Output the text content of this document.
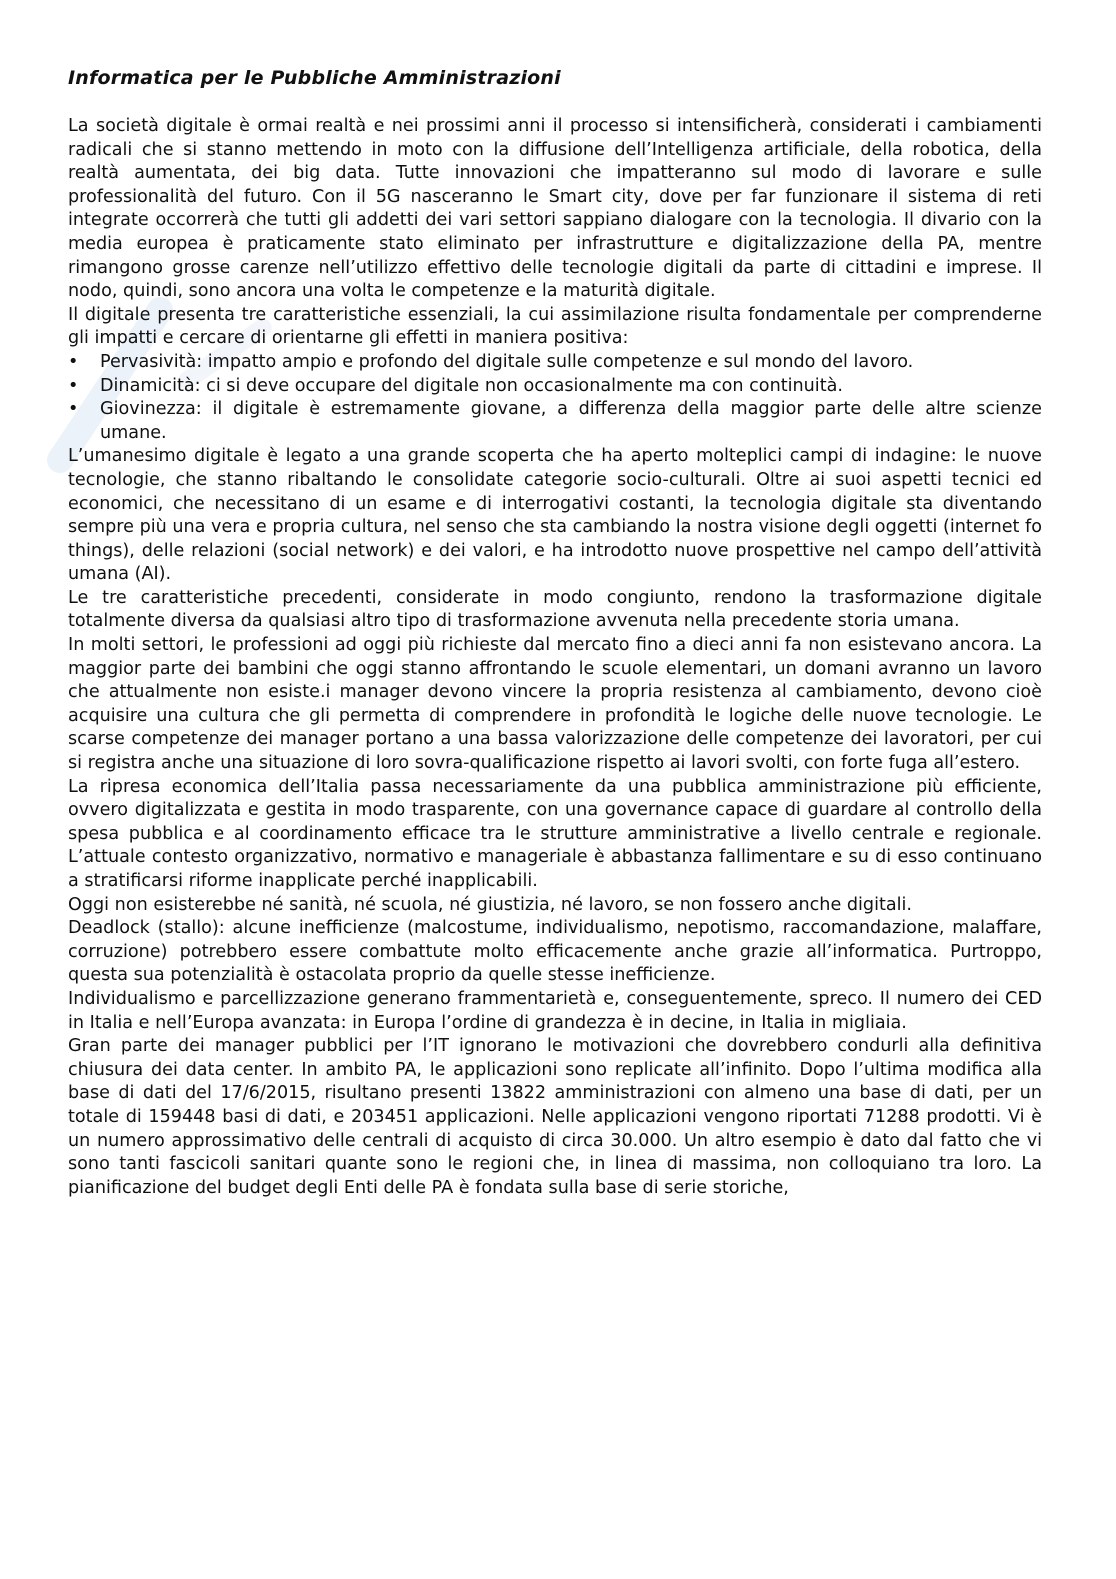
Informatica per le Pubbliche Amministrazioni

La società digitale è ormai realtà e nei prossimi anni il processo si intensificherà, considerati i cambiamenti radicali che si stanno mettendo in moto con la diffusione dell’Intelligenza artificiale, della robotica, della realtà aumentata, dei big data. Tutte innovazioni che impatteranno sul modo di lavorare e sulle professionalità del futuro. Con il 5G nasceranno le Smart city, dove per far funzionare il sistema di reti integrate occorrerà che tutti gli addetti dei vari settori sappiano dialogare con la tecnologia. Il divario con la media europea è praticamente stato eliminato per infrastrutture e digitalizzazione della PA, mentre rimangono grosse carenze nell’utilizzo effettivo delle tecnologie digitali da parte di cittadini e imprese. Il nodo, quindi, sono ancora una volta le competenze e la maturità digitale.

Il digitale presenta tre caratteristiche essenziali, la cui assimilazione risulta fondamentale per comprenderne gli impatti e cercare di orientarne gli effetti in maniera positiva:

• Pervasività: impatto ampio e profondo del digitale sulle competenze e sul mondo del lavoro.
• Dinamicità: ci si deve occupare del digitale non occasionalmente ma con continuità.
• Giovinezza: il digitale è estremamente giovane, a differenza della maggior parte delle altre scienze umane.

L’umanesimo digitale è legato a una grande scoperta che ha aperto molteplici campi di indagine: le nuove tecnologie, che stanno ribaltando le consolidate categorie socio-culturali. Oltre ai suoi aspetti tecnici ed economici, che necessitano di un esame e di interrogativi costanti, la tecnologia digitale sta diventando sempre più una vera e propria cultura, nel senso che sta cambiando la nostra visione degli oggetti (internet fo things), delle relazioni (social network) e dei valori, e ha introdotto nuove prospettive nel campo dell’attività umana (AI).

Le tre caratteristiche precedenti, considerate in modo congiunto, rendono la trasformazione digitale totalmente diversa da qualsiasi altro tipo di trasformazione avvenuta nella precedente storia umana.

In molti settori, le professioni ad oggi più richieste dal mercato fino a dieci anni fa non esistevano ancora. La maggior parte dei bambini che oggi stanno affrontando le scuole elementari, un domani avranno un lavoro che attualmente non esiste.i manager devono vincere la propria resistenza al cambiamento, devono cioè acquisire una cultura che gli permetta di comprendere in profondità le logiche delle nuove tecnologie. Le scarse competenze dei manager portano a una bassa valorizzazione delle competenze dei lavoratori, per cui si registra anche una situazione di loro sovra-qualificazione rispetto ai lavori svolti, con forte fuga all’estero.

La ripresa economica dell’Italia passa necessariamente da una pubblica amministrazione più efficiente, ovvero digitalizzata e gestita in modo trasparente, con una governance capace di guardare al controllo della spesa pubblica e al coordinamento efficace tra le strutture amministrative a livello centrale e regionale. L’attuale contesto organizzativo, normativo e manageriale è abbastanza fallimentare e su di esso continuano a stratificarsi riforme inapplicate perché inapplicabili.

Oggi non esisterebbe né sanità, né scuola, né giustizia, né lavoro, se non fossero anche digitali.

Deadlock (stallo): alcune inefficienze (malcostume, individualismo, nepotismo, raccomandazione, malaffare, corruzione) potrebbero essere combattute molto efficacemente anche grazie all’informatica. Purtroppo, questa sua potenzialità è ostacolata proprio da quelle stesse inefficienze.

Individualismo e parcellizzazione generano frammentarietà e, conseguentemente, spreco. Il numero dei CED in Italia e nell’Europa avanzata: in Europa l’ordine di grandezza è in decine, in Italia in migliaia.

Gran parte dei manager pubblici per l’IT ignorano le motivazioni che dovrebbero condurli alla definitiva chiusura dei data center. In ambito PA, le applicazioni sono replicate all’infinito. Dopo l’ultima modifica alla base di dati del 17/6/2015, risultano presenti 13822 amministrazioni con almeno una base di dati, per un totale di 159448 basi di dati, e 203451 applicazioni. Nelle applicazioni vengono riportati 71288 prodotti. Vi è un numero approssimativo delle centrali di acquisto di circa 30.000. Un altro esempio è dato dal fatto che vi sono tanti fascicoli sanitari quante sono le regioni che, in linea di massima, non colloquiano tra loro. La pianificazione del budget degli Enti delle PA è fondata sulla base di serie storiche,
